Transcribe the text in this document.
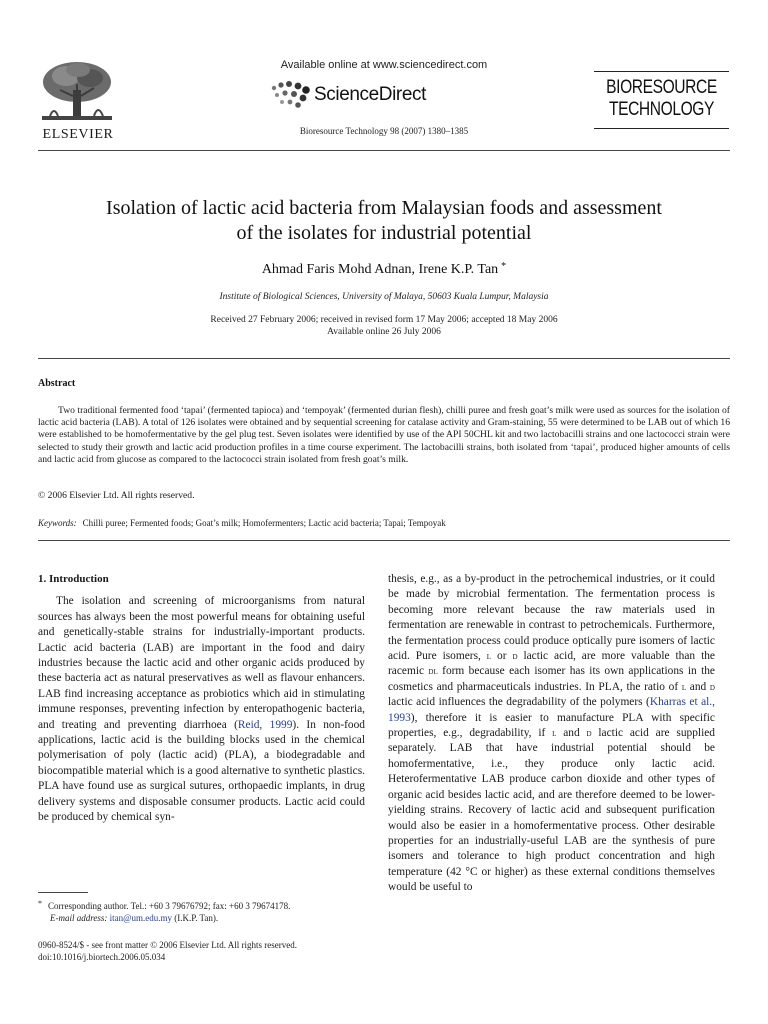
ELSEVIER
Available online at www.sciencedirect.com
ScienceDirect
Bioresource Technology 98 (2007) 1380–1385
BIORESOURCE
TECHNOLOGY
Isolation of lactic acid bacteria from Malaysian foods and assessment
of the isolates for industrial potential
Ahmad Faris Mohd Adnan, Irene K.P. Tan *
Institute of Biological Sciences, University of Malaya, 50603 Kuala Lumpur, Malaysia
Received 27 February 2006; received in revised form 17 May 2006; accepted 18 May 2006
Available online 26 July 2006
Abstract

Two traditional fermented food ‘tapai’ (fermented tapioca) and ‘tempoyak’ (fermented durian flesh), chilli puree and fresh goat’s milk were used as sources for the isolation of lactic acid bacteria (LAB). A total of 126 isolates were obtained and by sequential screening for catalase activity and Gram-staining, 55 were determined to be LAB out of which 16 were established to be homofermentative by the gel plug test. Seven isolates were identified by use of the API 50CHL kit and two lactobacilli strains and one lactococci strain were selected to study their growth and lactic acid production profiles in a time course experiment. The lactobacilli strains, both isolated from ‘tapai’, produced higher amounts of cells and lactic acid from glucose as compared to the lactococci strain isolated from fresh goat’s milk.

© 2006 Elsevier Ltd. All rights reserved.
Keywords: Chilli puree; Fermented foods; Goat’s milk; Homofermenters; Lactic acid bacteria; Tapai; Tempoyak
1. Introduction

The isolation and screening of microorganisms from natural sources has always been the most powerful means for obtaining useful and genetically-stable strains for industrially-important products. Lactic acid bacteria (LAB) are important in the food and dairy industries because the lactic acid and other organic acids produced by these bacteria act as natural preservatives as well as flavour enhancers. LAB find increasing acceptance as probiotics which aid in stimulating immune responses, preventing infection by enteropathogenic bacteria, and treating and preventing diarrhoea (Reid, 1999). In non-food applications, lactic acid is the building blocks used in the chemical polymerisation of poly (lactic acid) (PLA), a biodegradable and biocompatible material which is a good alternative to synthetic plastics. PLA have found use as surgical sutures, orthopaedic implants, in drug delivery systems and disposable consumer products. Lactic acid could be produced by chemical syn-

thesis, e.g., as a by-product in the petrochemical industries, or it could be made by microbial fermentation. The fermentation process is becoming more relevant because the raw materials used in fermentation are renewable in contrast to petrochemicals. Furthermore, the fermentation process could produce optically pure isomers of lactic acid. Pure isomers, l or d lactic acid, are more valuable than the racemic dl form because each isomer has its own applications in the cosmetics and pharmaceuticals industries. In PLA, the ratio of l and d lactic acid influences the degradability of the polymers (Kharras et al., 1993), therefore it is easier to manufacture PLA with specific properties, e.g., degradability, if l and d lactic acid are supplied separately. LAB that have industrial potential should be homofermentative, i.e., they produce only lactic acid. Heterofermentative LAB produce carbon dioxide and other types of organic acid besides lactic acid, and are therefore deemed to be lower-yielding strains. Recovery of lactic acid and subsequent purification would also be easier in a homofermentative process. Other desirable properties for an industrially-useful LAB are the synthesis of pure isomers and tolerance to high product concentration and high temperature (42 °C or higher) as these external conditions themselves would be useful to

* Corresponding author. Tel.: +60 3 79676792; fax: +60 3 79674178.
E-mail address: itan@um.edu.my (I.K.P. Tan).
0960-8524/$ - see front matter © 2006 Elsevier Ltd. All rights reserved.
doi:10.1016/j.biortech.2006.05.034
